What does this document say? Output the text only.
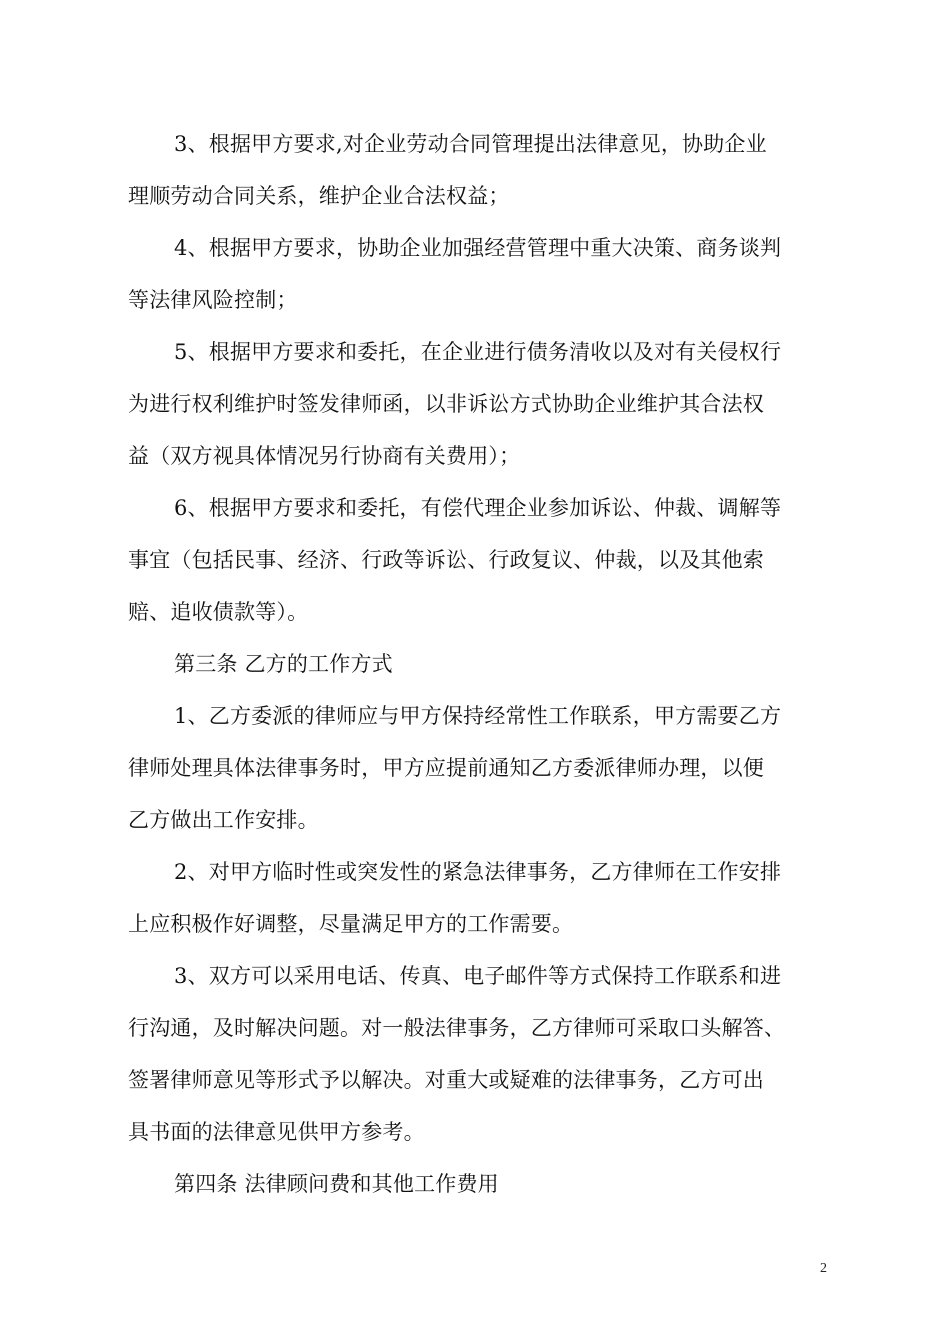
3、根据甲方要求,对企业劳动合同管理提出法律意见，协助企业
理顺劳动合同关系，维护企业合法权益；
4、根据甲方要求，协助企业加强经营管理中重大决策、商务谈判
等法律风险控制；
5、根据甲方要求和委托，在企业进行债务清收以及对有关侵权行
为进行权利维护时签发律师函，以非诉讼方式协助企业维护其合法权
益（双方视具体情况另行协商有关费用）；
6、根据甲方要求和委托，有偿代理企业参加诉讼、仲裁、调解等
事宜（包括民事、经济、行政等诉讼、行政复议、仲裁，以及其他索
赔、追收债款等）。
第三条 乙方的工作方式
1、乙方委派的律师应与甲方保持经常性工作联系，甲方需要乙方
律师处理具体法律事务时，甲方应提前通知乙方委派律师办理，以便
乙方做出工作安排。
2、对甲方临时性或突发性的紧急法律事务，乙方律师在工作安排
上应积极作好调整，尽量满足甲方的工作需要。
3、双方可以采用电话、传真、电子邮件等方式保持工作联系和进
行沟通，及时解决问题。对一般法律事务，乙方律师可采取口头解答、
签署律师意见等形式予以解决。对重大或疑难的法律事务，乙方可出
具书面的法律意见供甲方参考。
第四条 法律顾问费和其他工作费用
2
